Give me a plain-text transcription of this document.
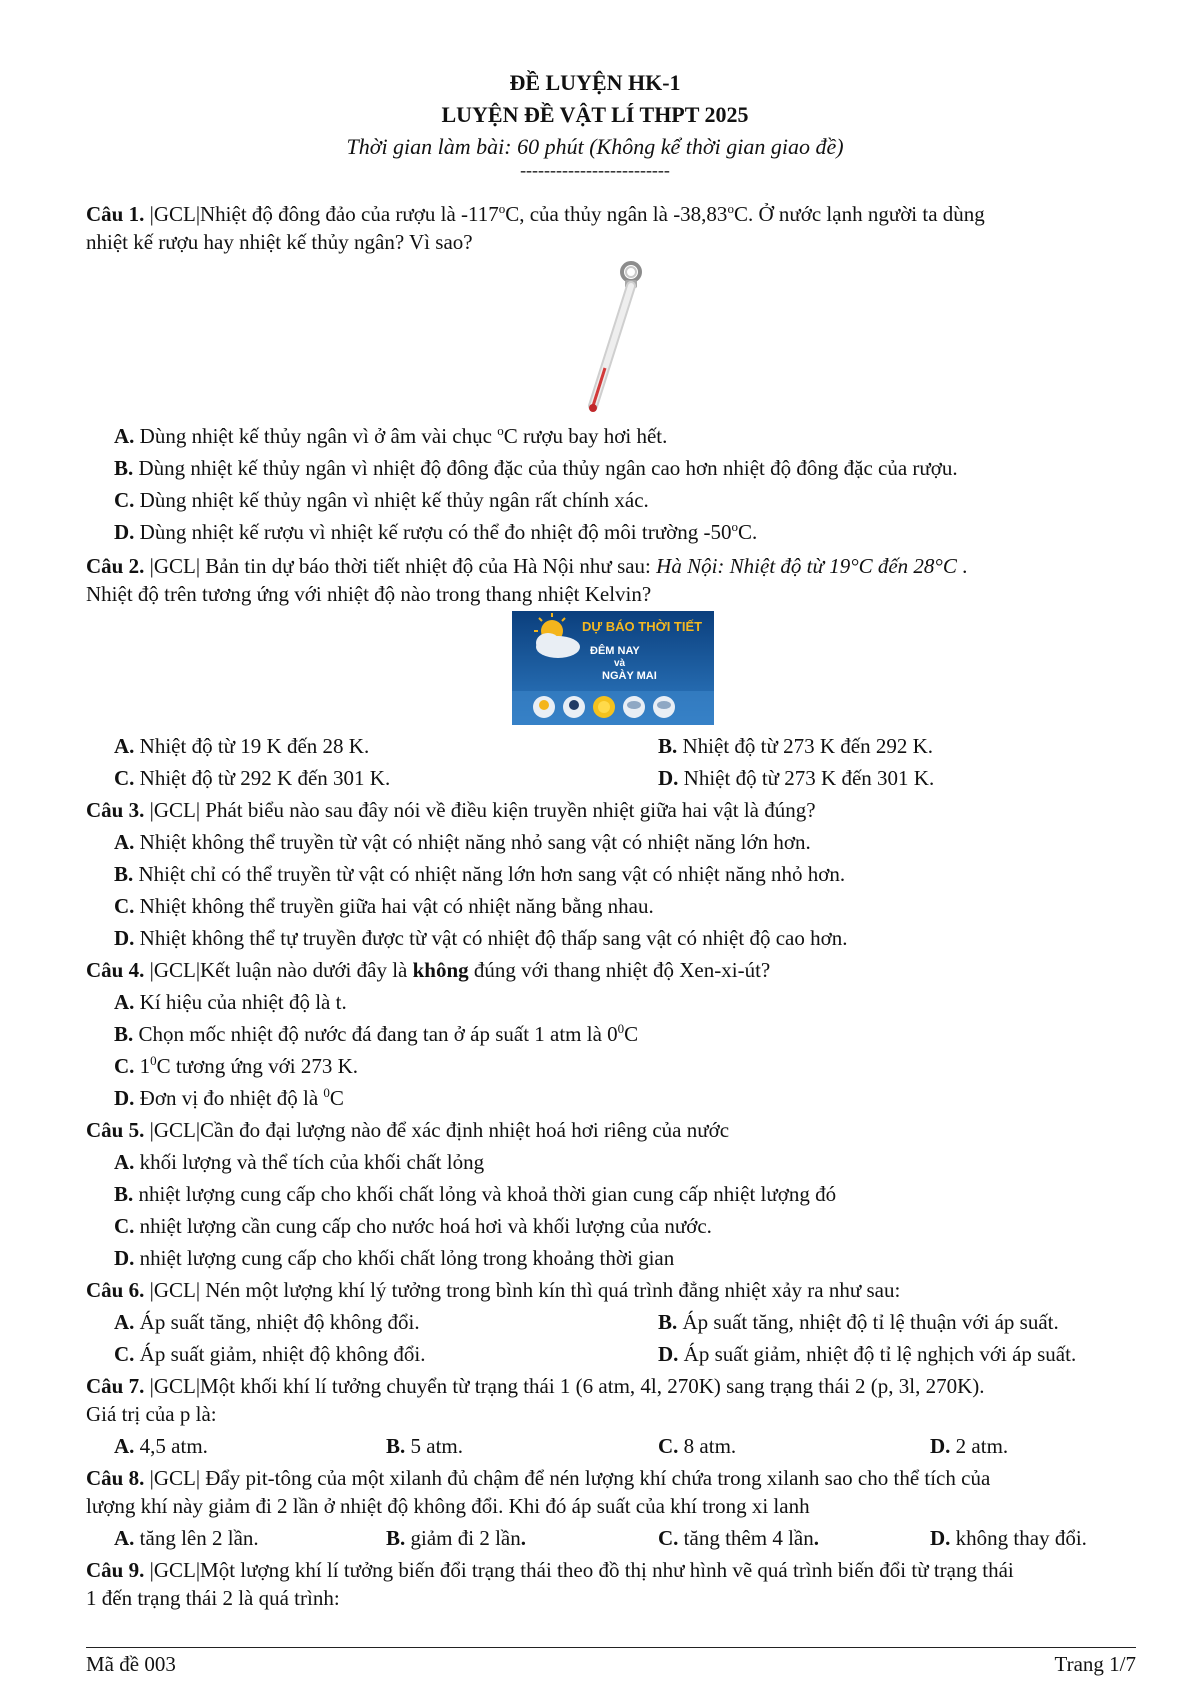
ĐỀ LUYỆN HK-1
LUYỆN ĐỀ VẬT LÍ THPT 2025
Thời gian làm bài: 60 phút (Không kể thời gian giao đề)
-------------------------
Câu 1. |GCL|Nhiệt độ đông đảo của rượu là -117$^o$C, của thủy ngân là -38,83$^o$C. Ở nước lạnh người ta dùng
nhiệt kế rượu hay nhiệt kế thủy ngân? Vì sao?
A. Dùng nhiệt kế thủy ngân vì ở âm vài chục $^o$C rượu bay hơi hết.
B. Dùng nhiệt kế thủy ngân vì nhiệt độ đông đặc của thủy ngân cao hơn nhiệt độ đông đặc của rượu.
C. Dùng nhiệt kế thủy ngân vì nhiệt kế thủy ngân rất chính xác.
D. Dùng nhiệt kế rượu vì nhiệt kế rượu có thể đo nhiệt độ môi trường -50$^o$C.
Câu 2. |GCL| Bản tin dự báo thời tiết nhiệt độ của Hà Nội như sau: Hà Nội: Nhiệt độ từ 19°C đến 28°C .
Nhiệt độ trên tương ứng với nhiệt độ nào trong thang nhiệt Kelvin?
DỰ BÁO THỜI TIẾT
ĐÊM NAY
và
NGÀY MAI
A. Nhiệt độ từ 19 K đến 28 K.	B. Nhiệt độ từ 273 K đến 292 K.
C. Nhiệt độ từ 292 K đến 301 K.	D. Nhiệt độ từ 273 K đến 301 K.
Câu 3. |GCL| Phát biểu nào sau đây nói về điều kiện truyền nhiệt giữa hai vật là đúng?
A. Nhiệt không thể truyền từ vật có nhiệt năng nhỏ sang vật có nhiệt năng lớn hơn.
B. Nhiệt chỉ có thể truyền từ vật có nhiệt năng lớn hơn sang vật có nhiệt năng nhỏ hơn.
C. Nhiệt không thể truyền giữa hai vật có nhiệt năng bằng nhau.
D. Nhiệt không thể tự truyền được từ vật có nhiệt độ thấp sang vật có nhiệt độ cao hơn.
Câu 4. |GCL|Kết luận nào dưới đây là không đúng với thang nhiệt độ Xen-xi-út?
A. Kí hiệu của nhiệt độ là t.
B. Chọn mốc nhiệt độ nước đá đang tan ở áp suất 1 atm là $0^0C$
C. $1^0C$ tương ứng với 273 K.
D. Đơn vị đo nhiệt độ là $^0$C
Câu 5. |GCL|Cần đo đại lượng nào để xác định nhiệt hoá hơi riêng của nước
A. khối lượng và thể tích của khối chất lỏng
B. nhiệt lượng cung cấp cho khối chất lỏng và khoả thời gian cung cấp nhiệt lượng đó
C. nhiệt lượng cần cung cấp cho nước hoá hơi và khối lượng của nước.
D. nhiệt lượng cung cấp cho khối chất lỏng trong khoảng thời gian
Câu 6. |GCL| Nén một lượng khí lý tưởng trong bình kín thì quá trình đẳng nhiệt xảy ra như sau:
A. Áp suất tăng, nhiệt độ không đổi.	B. Áp suất tăng, nhiệt độ tỉ lệ thuận với áp suất.
C. Áp suất giảm, nhiệt độ không đổi.	D. Áp suất giảm, nhiệt độ tỉ lệ nghịch với áp suất.
Câu 7. |GCL|Một khối khí lí tưởng chuyển từ trạng thái 1 (6 atm, 4l, 270K) sang trạng thái 2 (p, 3l, 270K).
Giá trị của p là:
A. 4,5 atm.	B. 5 atm.	C. 8 atm.	D. 2 atm.
Câu 8. |GCL| Đẩy pit-tông của một xilanh đủ chậm để nén lượng khí chứa trong xilanh sao cho thể tích của
lượng khí này giảm đi 2 lần ở nhiệt độ không đổi. Khi đó áp suất của khí trong xi lanh
A. tăng lên 2 lần.	B. giảm đi 2 lần.	C. tăng thêm 4 lần.	D. không thay đổi.
Câu 9. |GCL|Một lượng khí lí tưởng biến đổi trạng thái theo đồ thị như hình vẽ quá trình biến đổi từ trạng thái
1 đến trạng thái 2 là quá trình:
Mã đề 003	Trang 1/7
